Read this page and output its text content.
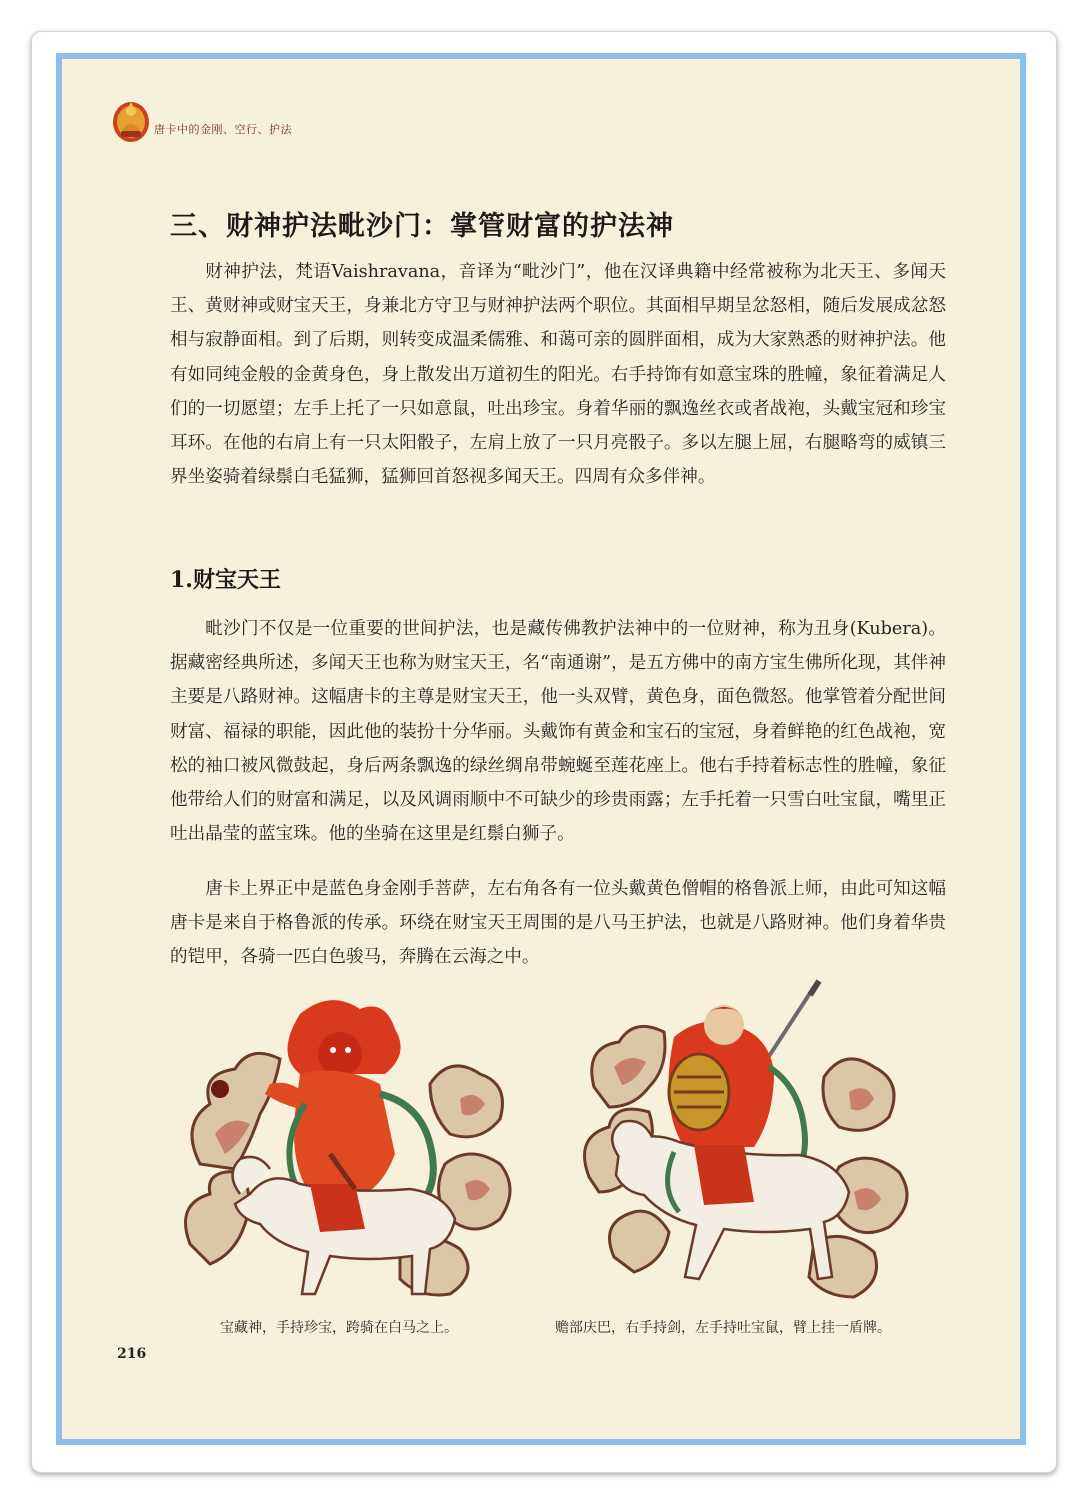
唐卡中的金刚、空行、护法
三、财神护法毗沙门：掌管财富的护法神

财神护法，梵语Vaishravana，音译为“毗沙门”，他在汉译典籍中经常被称为北天王、多闻天王、黄财神或财宝天王，身兼北方守卫与财神护法两个职位。其面相早期呈忿怒相，随后发展成忿怒相与寂静面相。到了后期，则转变成温柔儒雅、和蔼可亲的圆胖面相，成为大家熟悉的财神护法。他有如同纯金般的金黄身色，身上散发出万道初生的阳光。右手持饰有如意宝珠的胜幢，象征着满足人们的一切愿望；左手上托了一只如意鼠，吐出珍宝。身着华丽的飘逸丝衣或者战袍，头戴宝冠和珍宝耳环。在他的右肩上有一只太阳骰子，左肩上放了一只月亮骰子。多以左腿上屈，右腿略弯的威镇三界坐姿骑着绿鬃白毛猛狮，猛狮回首怒视多闻天王。四周有众多伴神。

1.财宝天王

毗沙门不仅是一位重要的世间护法，也是藏传佛教护法神中的一位财神，称为丑身(Kubera)。据藏密经典所述，多闻天王也称为财宝天王，名“南通谢”，是五方佛中的南方宝生佛所化现，其伴神主要是八路财神。这幅唐卡的主尊是财宝天王，他一头双臂，黄色身，面色微怒。他掌管着分配世间财富、福禄的职能，因此他的装扮十分华丽。头戴饰有黄金和宝石的宝冠，身着鲜艳的红色战袍，宽松的袖口被风微鼓起，身后两条飘逸的绿丝绸帛带蜿蜒至莲花座上。他右手持着标志性的胜幢，象征他带给人们的财富和满足，以及风调雨顺中不可缺少的珍贵雨露；左手托着一只雪白吐宝鼠，嘴里正吐出晶莹的蓝宝珠。他的坐骑在这里是红鬃白狮子。

唐卡上界正中是蓝色身金刚手菩萨，左右角各有一位头戴黄色僧帽的格鲁派上师，由此可知这幅唐卡是来自于格鲁派的传承。环绕在财宝天王周围的是八马王护法，也就是八路财神。他们身着华贵的铠甲，各骑一匹白色骏马，奔腾在云海之中。

宝藏神，手持珍宝，跨骑在白马之上。	赡部庆巴，右手持剑，左手持吐宝鼠，臂上挂一盾牌。

216
